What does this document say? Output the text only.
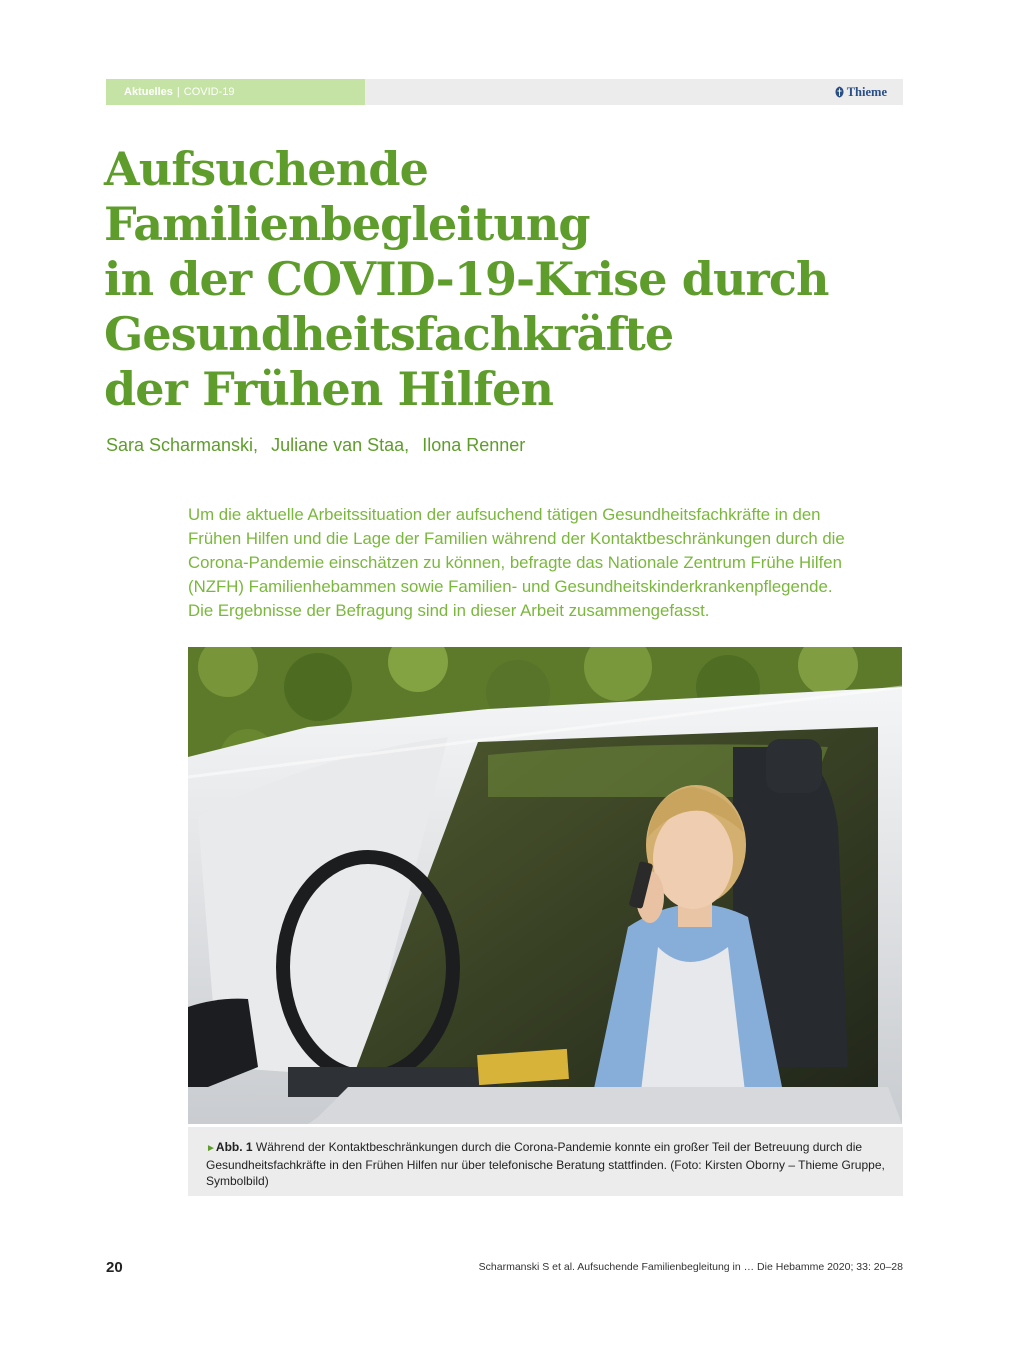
Aktuelles | COVID-19	Thieme
Aufsuchende
Familienbegleitung
in der COVID-19-Krise durch
Gesundheitsfachkräfte
der Frühen Hilfen
Sara Scharmanski, Juliane van Staa, Ilona Renner

Um die aktuelle Arbeitssituation der aufsuchend tätigen Gesundheitsfachkräfte in den
Frühen Hilfen und die Lage der Familien während der Kontaktbeschränkungen durch die
Corona-Pandemie einschätzen zu können, befragte das Nationale Zentrum Frühe Hilfen
(NZFH) Familienhebammen sowie Familien- und Gesundheitskinderkrankenpflegende.
Die Ergebnisse der Befragung sind in dieser Arbeit zusammengefasst.

►Abb. 1 Während der Kontaktbeschränkungen durch die Corona-Pandemie konnte ein großer Teil der Betreuung durch die
Gesundheitsfachkräfte in den Frühen Hilfen nur über telefonische Beratung stattfinden. (Foto: Kirsten Oborny – Thieme Gruppe,
Symbolbild)
20	Scharmanski S et al. Aufsuchende Familienbegleitung in … Die Hebamme 2020; 33: 20–28
